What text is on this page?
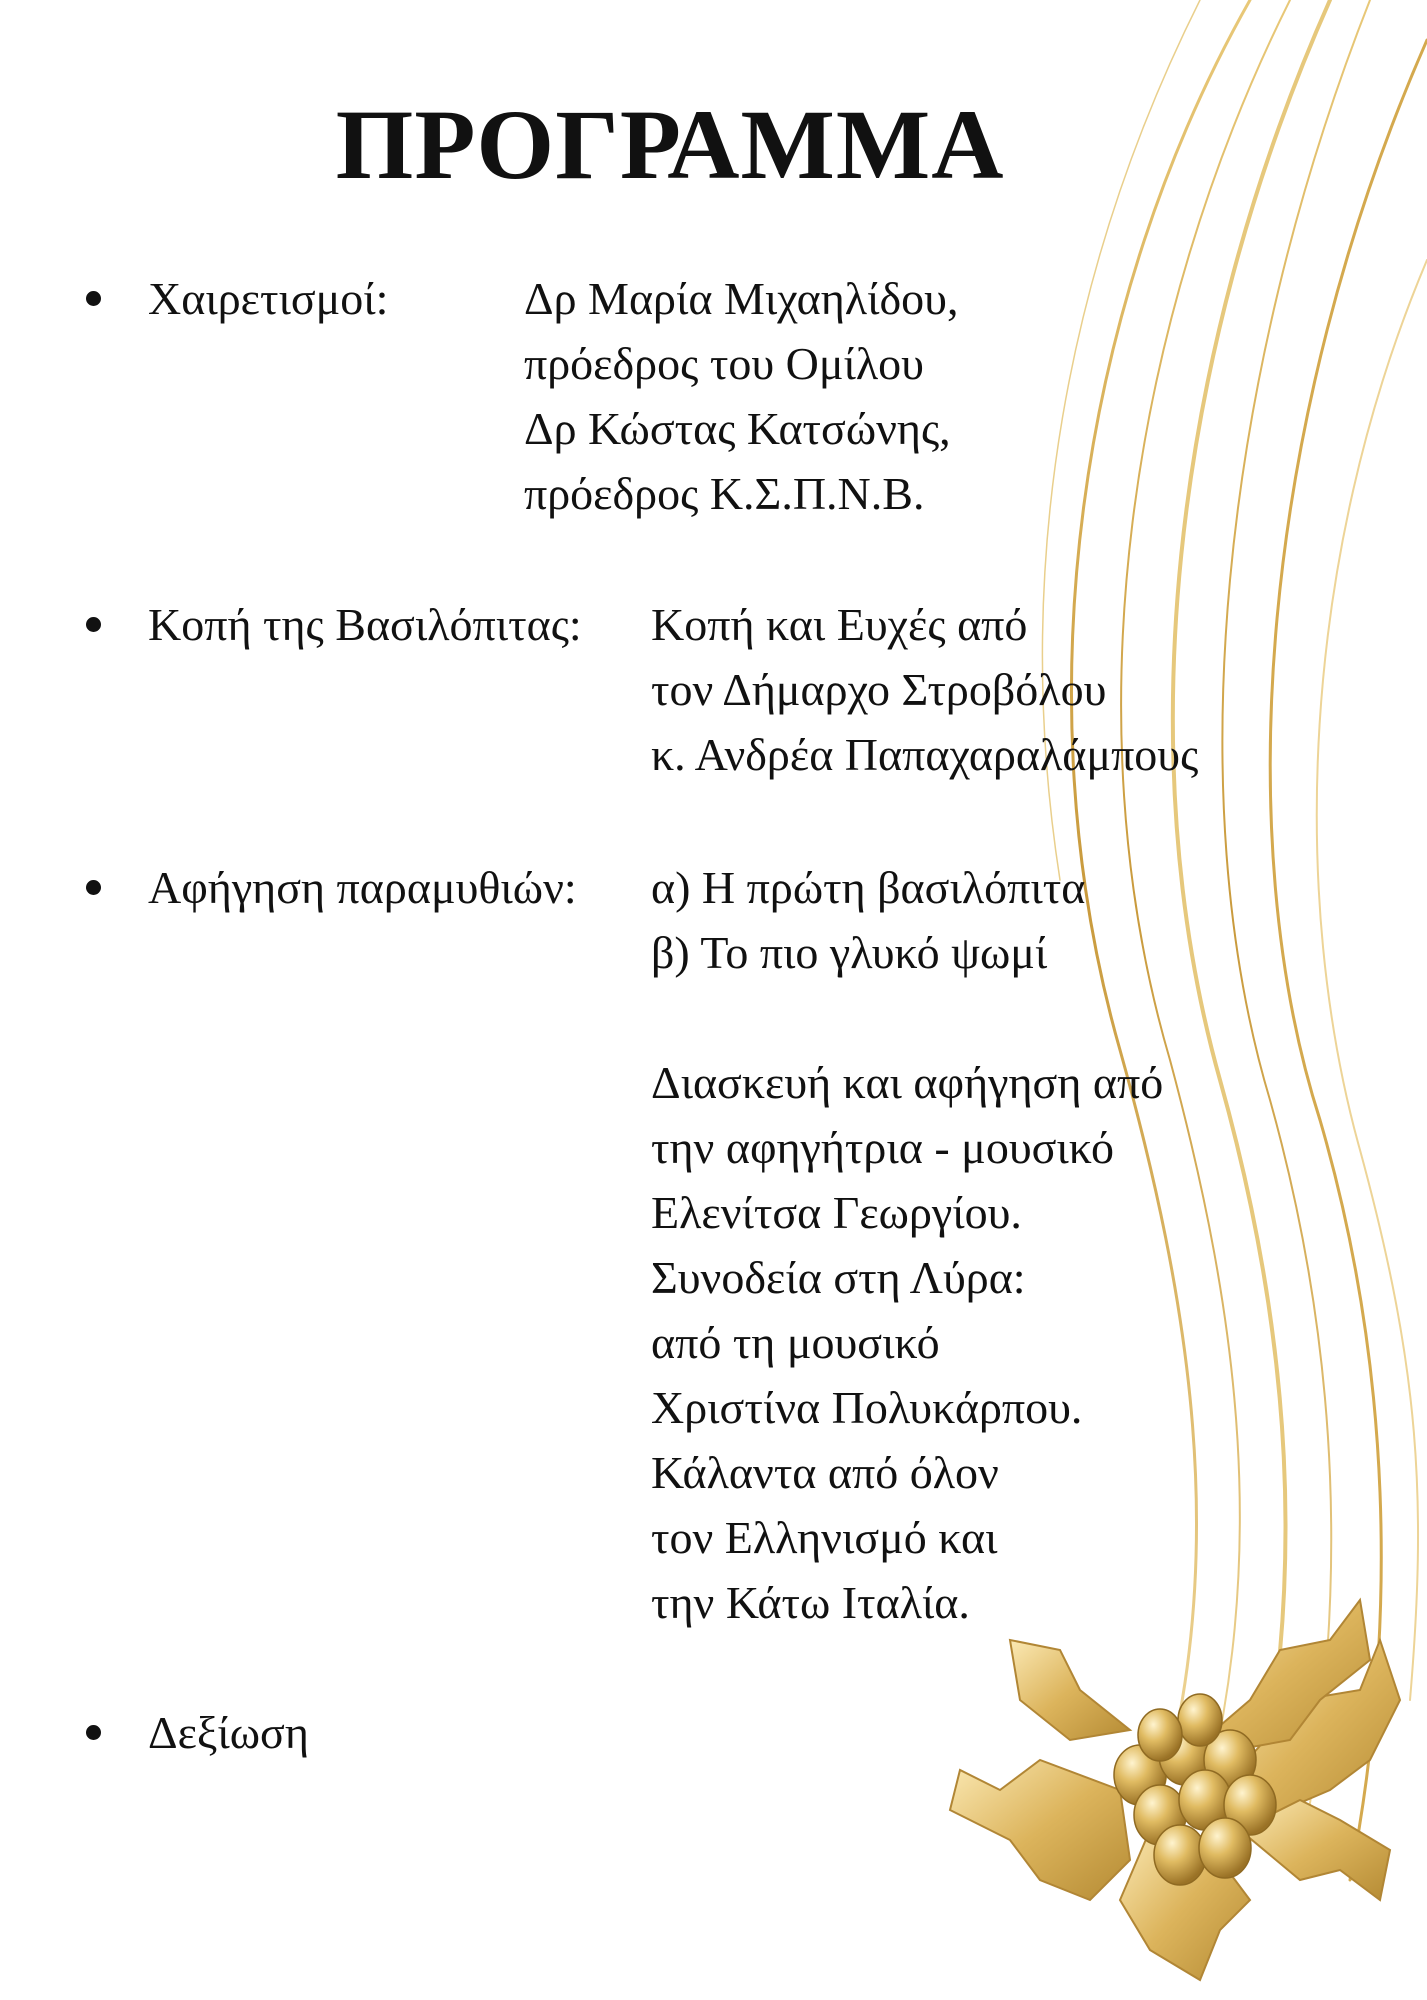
ΠΡΟΓΡΑΜΜΑ
Χαιρετισμοί:	Δρ Μαρία Μιχαηλίδου,
πρόεδρος του Ομίλου
Δρ Κώστας Κατσώνης,
πρόεδρος Κ.Σ.Π.Ν.Β.
Κοπή της Βασιλόπιτας: Κοπή και Ευχές από
τον Δήμαρχο Στροβόλου
κ. Ανδρέα Παπαχαραλάμπους
Αφήγηση παραμυθιών: α) Η πρώτη βασιλόπιτα
β) Το πιο γλυκό ψωμί
Διασκευή και αφήγηση από
την αφηγήτρια - μουσικό
Ελενίτσα Γεωργίου.
Συνοδεία στη Λύρα:
από τη μουσικό
Χριστίνα Πολυκάρπου.
Κάλαντα από όλον
τον Ελληνισμό και
την Κάτω Ιταλία.
Δεξίωση
